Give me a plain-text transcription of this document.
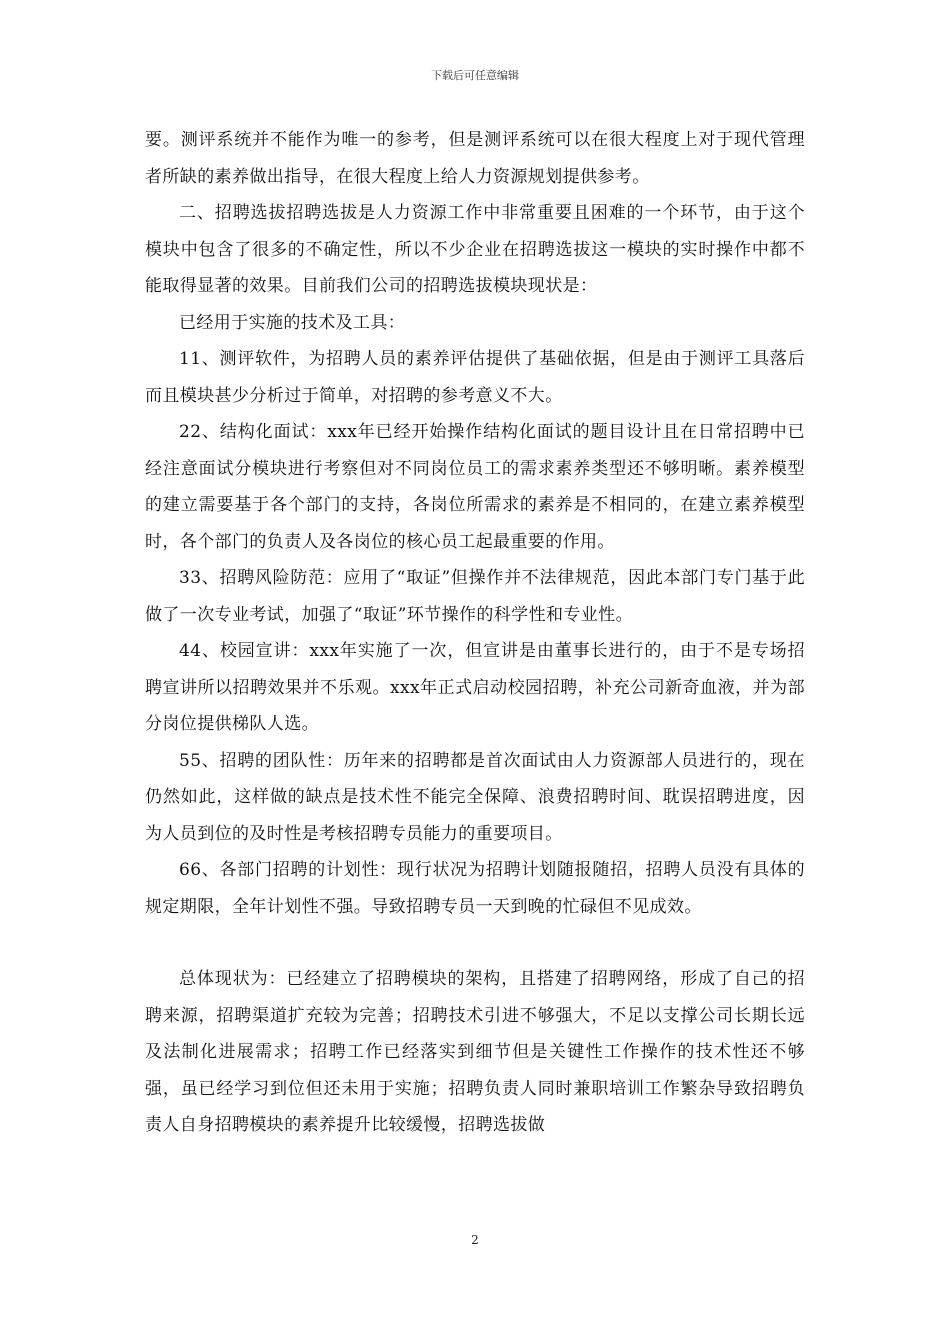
下载后可任意编辑

要。测评系统并不能作为唯一的参考，但是测评系统可以在很大程度上对于现代管理者所缺的素养做出指导，在很大程度上给人力资源规划提供参考。

二、招聘选拔招聘选拔是人力资源工作中非常重要且困难的一个环节，由于这个模块中包含了很多的不确定性，所以不少企业在招聘选拔这一模块的实时操作中都不能取得显著的效果。目前我们公司的招聘选拔模块现状是：

已经用于实施的技术及工具：

11、测评软件，为招聘人员的素养评估提供了基础依据，但是由于测评工具落后而且模块甚少分析过于简单，对招聘的参考意义不大。

22、结构化面试：xxx年已经开始操作结构化面试的题目设计且在日常招聘中已经注意面试分模块进行考察但对不同岗位员工的需求素养类型还不够明晰。素养模型的建立需要基于各个部门的支持，各岗位所需求的素养是不相同的，在建立素养模型时，各个部门的负责人及各岗位的核心员工起最重要的作用。

33、招聘风险防范：应用了“取证”但操作并不法律规范，因此本部门专门基于此做了一次专业考试，加强了“取证”环节操作的科学性和专业性。

44、校园宣讲：xxx年实施了一次，但宣讲是由董事长进行的，由于不是专场招聘宣讲所以招聘效果并不乐观。xxx年正式启动校园招聘，补充公司新奇血液，并为部分岗位提供梯队人选。

55、招聘的团队性：历年来的招聘都是首次面试由人力资源部人员进行的，现在仍然如此，这样做的缺点是技术性不能完全保障、浪费招聘时间、耽误招聘进度，因为人员到位的及时性是考核招聘专员能力的重要项目。

66、各部门招聘的计划性：现行状况为招聘计划随报随招，招聘人员没有具体的规定期限，全年计划性不强。导致招聘专员一天到晚的忙碌但不见成效。

总体现状为：已经建立了招聘模块的架构，且搭建了招聘网络，形成了自己的招聘来源，招聘渠道扩充较为完善；招聘技术引进不够强大，不足以支撑公司长期长远及法制化进展需求；招聘工作已经落实到细节但是关键性工作操作的技术性还不够强，虽已经学习到位但还未用于实施；招聘负责人同时兼职培训工作繁杂导致招聘负责人自身招聘模块的素养提升比较缓慢，招聘选拔做

2
